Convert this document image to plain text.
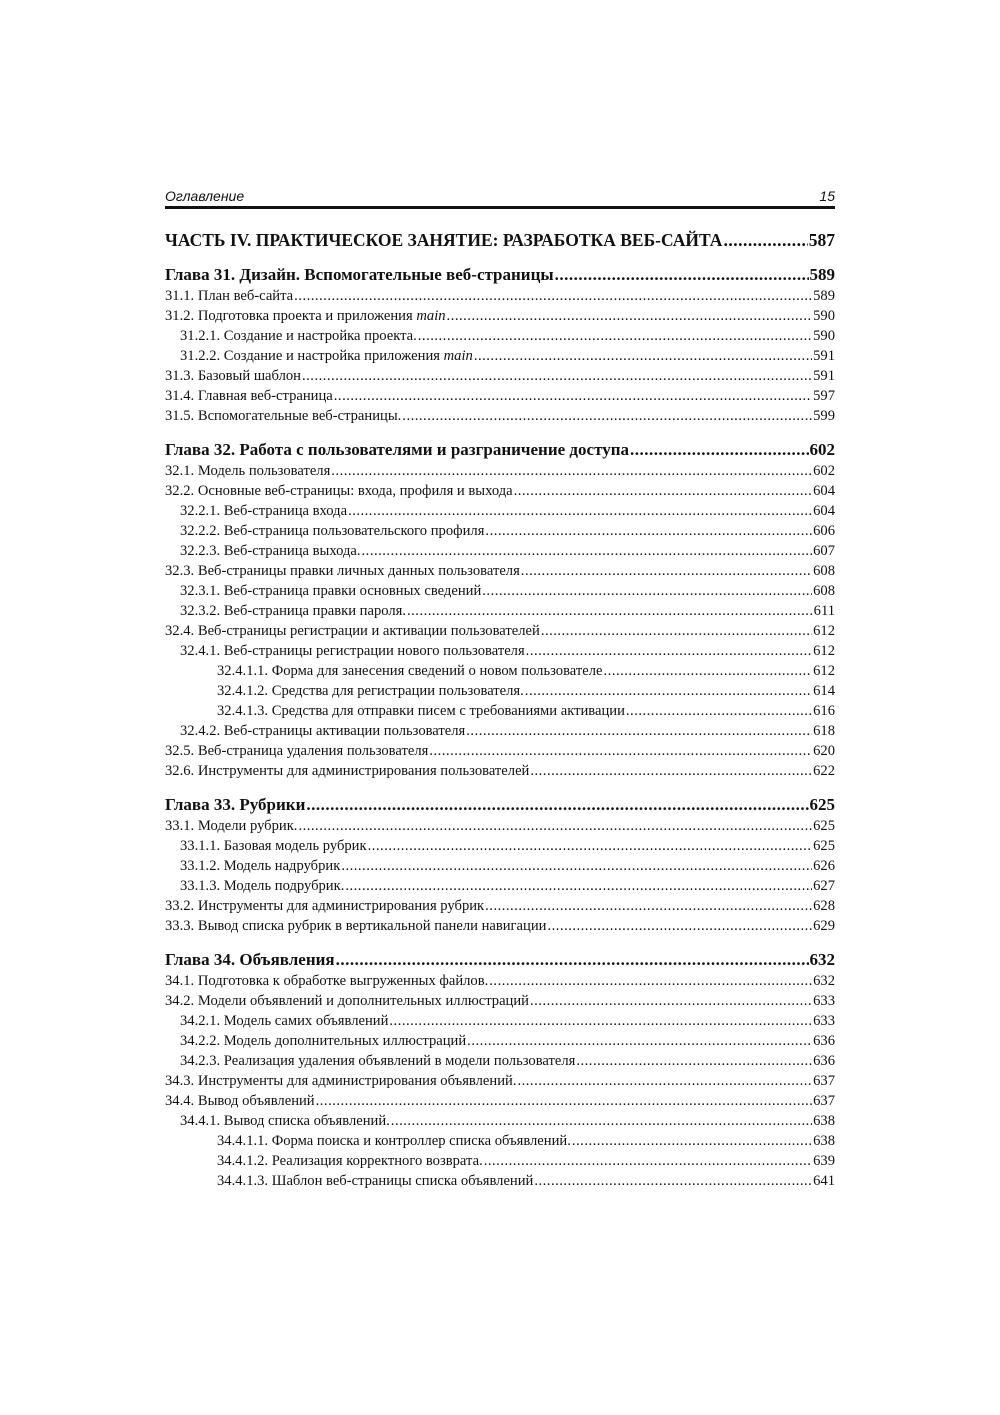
Оглавление	15
ЧАСТЬ IV. ПРАКТИЧЕСКОЕ ЗАНЯТИЕ: РАЗРАБОТКА ВЕБ-САЙТА .....	587
Глава 31. Дизайн. Вспомогательные веб-страницы .....	589
31.1. План веб-сайта .....	589
31.2. Подготовка проекта и приложения main .....	590
31.2.1. Создание и настройка проекта. .....	590
31.2.2. Создание и настройка приложения main .....	591
31.3. Базовый шаблон .....	591
31.4. Главная веб-страница .....	597
31.5. Вспомогательные веб-страницы. .....	599
Глава 32. Работа с пользователями и разграничение доступа .....	602
32.1. Модель пользователя .....	602
32.2. Основные веб-страницы: входа, профиля и выхода .....	604
32.2.1. Веб-страница входа .....	604
32.2.2. Веб-страница пользовательского профиля .....	606
32.2.3. Веб-страница выхода. .....	607
32.3. Веб-страницы правки личных данных пользователя .....	608
32.3.1. Веб-страница правки основных сведений .....	608
32.3.2. Веб-страница правки пароля. .....	611
32.4. Веб-страницы регистрации и активации пользователей .....	612
32.4.1. Веб-страницы регистрации нового пользователя .....	612
32.4.1.1. Форма для занесения сведений о новом пользователе .....	612
32.4.1.2. Средства для регистрации пользователя. .....	614
32.4.1.3. Средства для отправки писем с требованиями активации .....	616
32.4.2. Веб-страницы активации пользователя .....	618
32.5. Веб-страница удаления пользователя .....	620
32.6. Инструменты для администрирования пользователей .....	622
Глава 33. Рубрики .....	625
33.1. Модели рубрик. .....	625
33.1.1. Базовая модель рубрик .....	625
33.1.2. Модель надрубрик .....	626
33.1.3. Модель подрубрик. .....	627
33.2. Инструменты для администрирования рубрик .....	628
33.3. Вывод списка рубрик в вертикальной панели навигации .....	629
Глава 34. Объявления .....	632
34.1. Подготовка к обработке выгруженных файлов. .....	632
34.2. Модели объявлений и дополнительных иллюстраций .....	633
34.2.1. Модель самих объявлений .....	633
34.2.2. Модель дополнительных иллюстраций .....	636
34.2.3. Реализация удаления объявлений в модели пользователя .....	636
34.3. Инструменты для администрирования объявлений. .....	637
34.4. Вывод объявлений .....	637
34.4.1. Вывод списка объявлений. .....	638
34.4.1.1. Форма поиска и контроллер списка объявлений. .....	638
34.4.1.2. Реализация корректного возврата. .....	639
34.4.1.3. Шаблон веб-страницы списка объявлений .....	641
